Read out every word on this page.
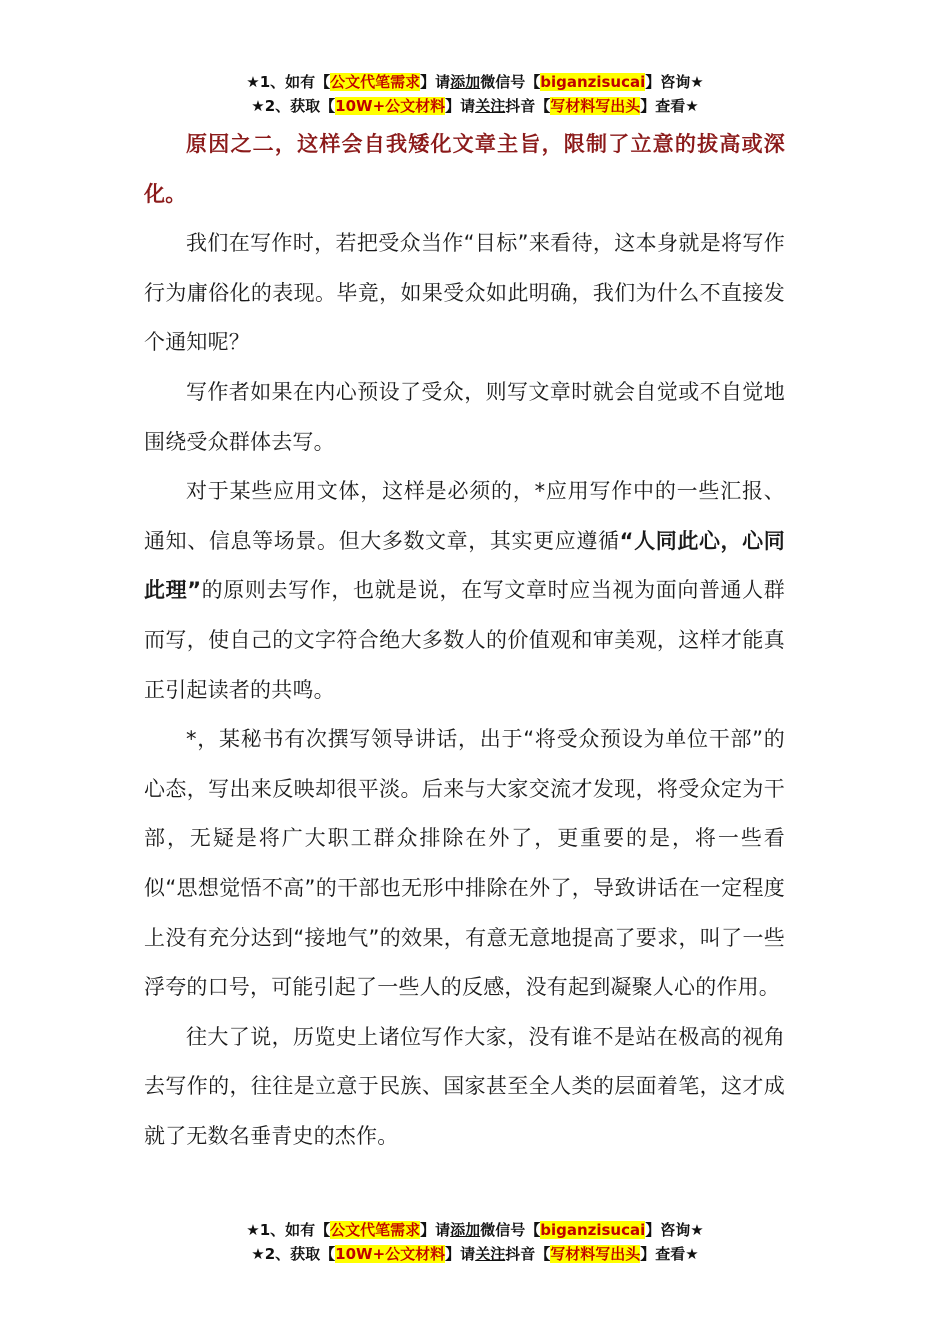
★1、如有【公文代笔需求】请添加微信号【biganzisucai】咨询★
★2、获取【10W+公文材料】请关注抖音【写材料写出头】查看★

原因之二，这样会自我矮化文章主旨，限制了立意的拔高或深化。

我们在写作时，若把受众当作“目标”来看待，这本身就是将写作行为庸俗化的表现。毕竟，如果受众如此明确，我们为什么不直接发个通知呢？

写作者如果在内心预设了受众，则写文章时就会自觉或不自觉地围绕受众群体去写。

对于某些应用文体，这样是必须的，*应用写作中的一些汇报、通知、信息等场景。但大多数文章，其实更应遵循“人同此心，心同此理”的原则去写作，也就是说，在写文章时应当视为面向普通人群而写，使自己的文字符合绝大多数人的价值观和审美观，这样才能真正引起读者的共鸣。

*，某秘书有次撰写领导讲话，出于“将受众预设为单位干部”的心态，写出来反映却很平淡。后来与大家交流才发现，将受众定为干部，无疑是将广大职工群众排除在外了，更重要的是，将一些看似“思想觉悟不高”的干部也无形中排除在外了，导致讲话在一定程度上没有充分达到“接地气”的效果，有意无意地提高了要求，叫了一些浮夸的口号，可能引起了一些人的反感，没有起到凝聚人心的作用。

往大了说，历览史上诸位写作大家，没有谁不是站在极高的视角去写作的，往往是立意于民族、国家甚至全人类的层面着笔，这才成就了无数名垂青史的杰作。

★1、如有【公文代笔需求】请添加微信号【biganzisucai】咨询★
★2、获取【10W+公文材料】请关注抖音【写材料写出头】查看★
